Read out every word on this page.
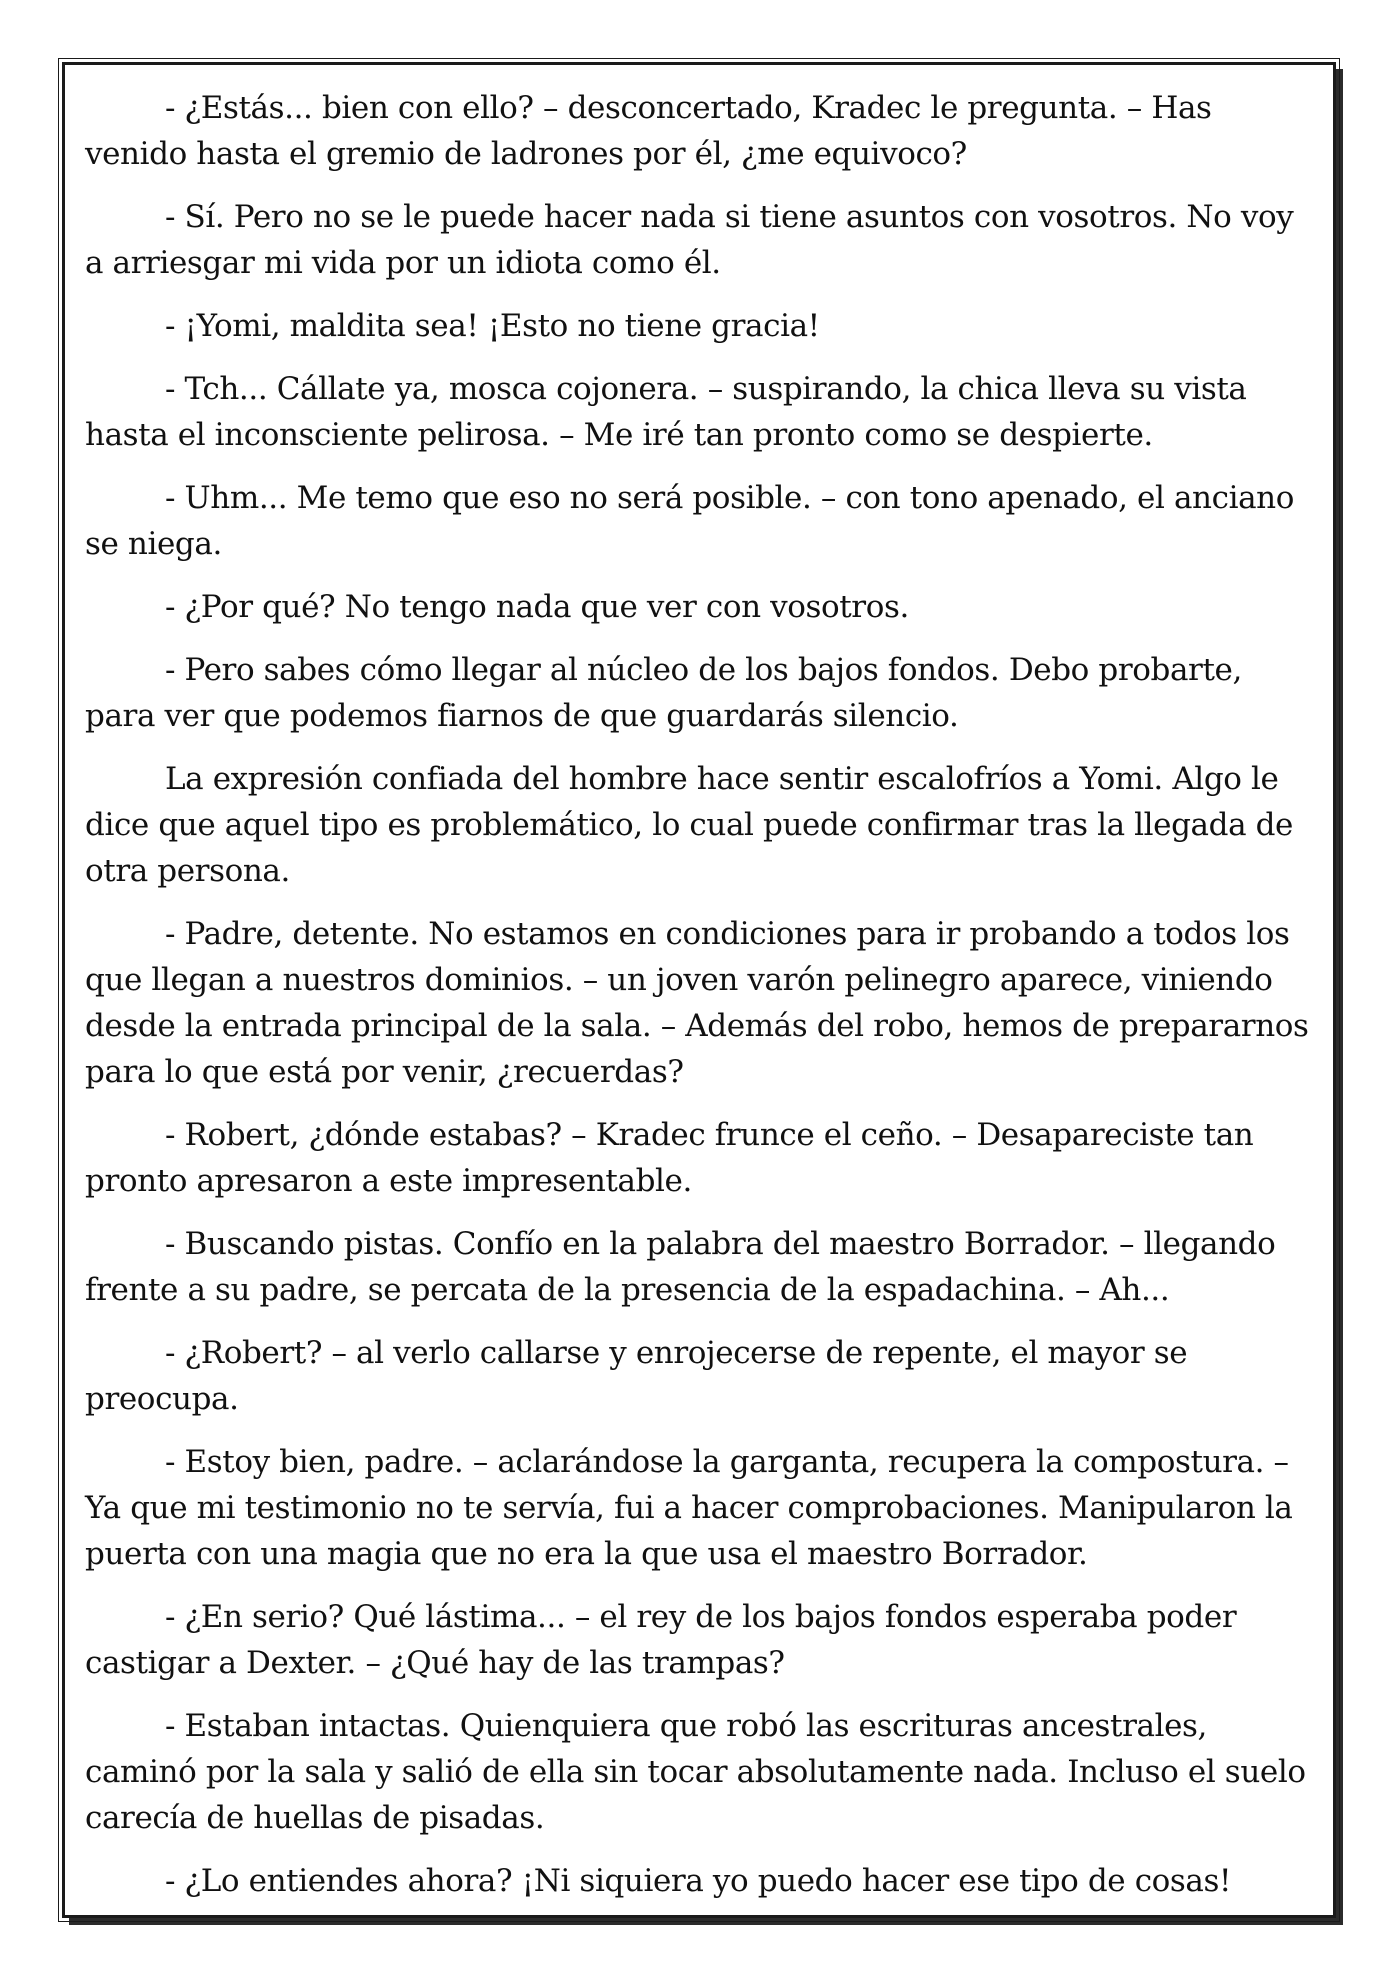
- ¿Estás... bien con ello? – desconcertado, Kradec le pregunta. – Has venido hasta el gremio de ladrones por él, ¿me equivoco?

- Sí. Pero no se le puede hacer nada si tiene asuntos con vosotros. No voy a arriesgar mi vida por un idiota como él.

- ¡Yomi, maldita sea! ¡Esto no tiene gracia!

- Tch... Cállate ya, mosca cojonera. – suspirando, la chica lleva su vista hasta el inconsciente pelirosa. – Me iré tan pronto como se despierte.

- Uhm... Me temo que eso no será posible. – con tono apenado, el anciano se niega.

- ¿Por qué? No tengo nada que ver con vosotros.

- Pero sabes cómo llegar al núcleo de los bajos fondos. Debo probarte, para ver que podemos fiarnos de que guardarás silencio.

La expresión confiada del hombre hace sentir escalofríos a Yomi. Algo le dice que aquel tipo es problemático, lo cual puede confirmar tras la llegada de otra persona.

- Padre, detente. No estamos en condiciones para ir probando a todos los que llegan a nuestros dominios. – un joven varón pelinegro aparece, viniendo desde la entrada principal de la sala. – Además del robo, hemos de prepararnos para lo que está por venir, ¿recuerdas?

- Robert, ¿dónde estabas? – Kradec frunce el ceño. – Desapareciste tan pronto apresaron a este impresentable.

- Buscando pistas. Confío en la palabra del maestro Borrador. – llegando frente a su padre, se percata de la presencia de la espadachina. – Ah...

- ¿Robert? – al verlo callarse y enrojecerse de repente, el mayor se preocupa.

- Estoy bien, padre. – aclarándose la garganta, recupera la compostura. – Ya que mi testimonio no te servía, fui a hacer comprobaciones. Manipularon la puerta con una magia que no era la que usa el maestro Borrador.

- ¿En serio? Qué lástima... – el rey de los bajos fondos esperaba poder castigar a Dexter. – ¿Qué hay de las trampas?

- Estaban intactas. Quienquiera que robó las escrituras ancestrales, caminó por la sala y salió de ella sin tocar absolutamente nada. Incluso el suelo carecía de huellas de pisadas.

- ¿Lo entiendes ahora? ¡Ni siquiera yo puedo hacer ese tipo de cosas!
